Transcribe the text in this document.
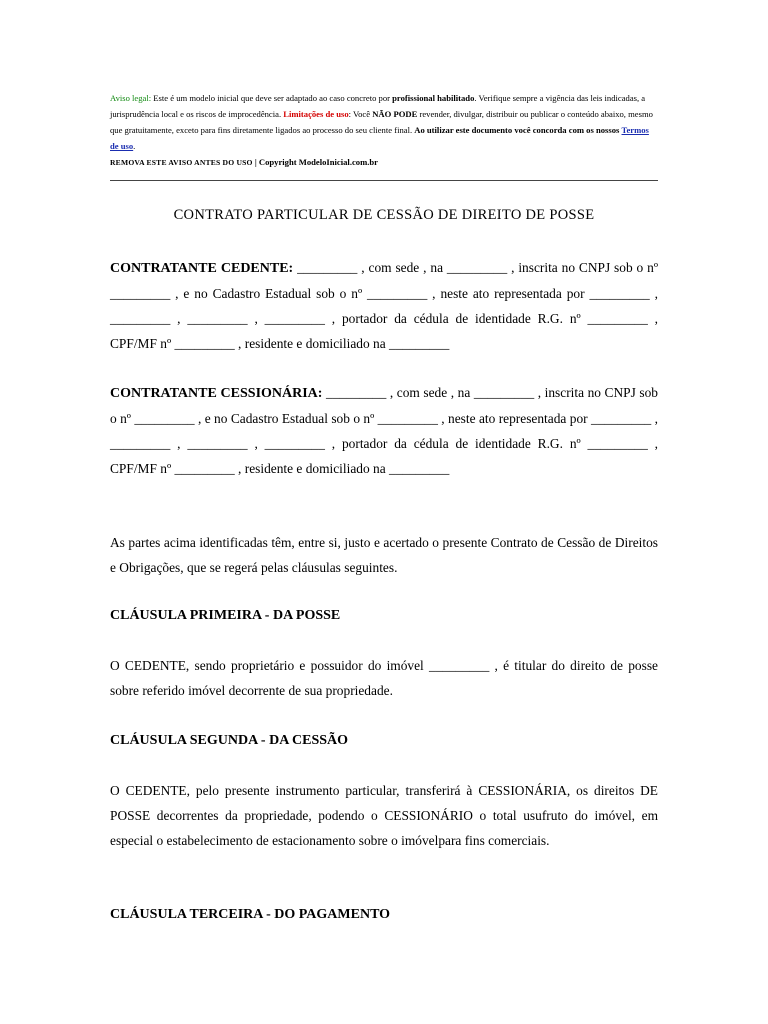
Aviso legal: Este é um modelo inicial que deve ser adaptado ao caso concreto por profissional habilitado. Verifique sempre a vigência das leis indicadas, a jurisprudência local e os riscos de improcedência. Limitações de uso: Você NÃO PODE revender, divulgar, distribuir ou publicar o conteúdo abaixo, mesmo que gratuitamente, exceto para fins diretamente ligados ao processo do seu cliente final. Ao utilizar este documento você concorda com os nossos Termos de uso.
REMOVA ESTE AVISO ANTES DO USO | Copyright ModeloInicial.com.br
CONTRATO PARTICULAR DE CESSÃO DE DIREITO DE POSSE
CONTRATANTE CEDENTE: _________ , com sede , na _________ , inscrita no CNPJ sob o nº _________ , e no Cadastro Estadual sob o nº _________ , neste ato representada por _________ , _________ , _________ , _________ , portador da cédula de identidade R.G. nº _________ , CPF/MF nº _________ , residente e domiciliado na _________
CONTRATANTE CESSIONÁRIA: _________ , com sede , na _________ , inscrita no CNPJ sob o nº _________ , e no Cadastro Estadual sob o nº _________ , neste ato representada por _________ , _________ , _________ , _________ , portador da cédula de identidade R.G. nº _________ , CPF/MF nº _________ , residente e domiciliado na _________
As partes acima identificadas têm, entre si, justo e acertado o presente Contrato de Cessão de Direitos e Obrigações, que se regerá pelas cláusulas seguintes.
CLÁUSULA PRIMEIRA - DA POSSE
O CEDENTE, sendo proprietário e possuidor do imóvel _________ , é titular do direito de posse sobre referido imóvel decorrente de sua propriedade.
CLÁUSULA SEGUNDA - DA CESSÃO
O CEDENTE, pelo presente instrumento particular, transferirá à CESSIONÁRIA, os direitos DE POSSE decorrentes da propriedade, podendo o CESSIONÁRIO o total usufruto do imóvel, em especial o estabelecimento de estacionamento sobre o imóvelpara fins comerciais.
CLÁUSULA TERCEIRA - DO PAGAMENTO
